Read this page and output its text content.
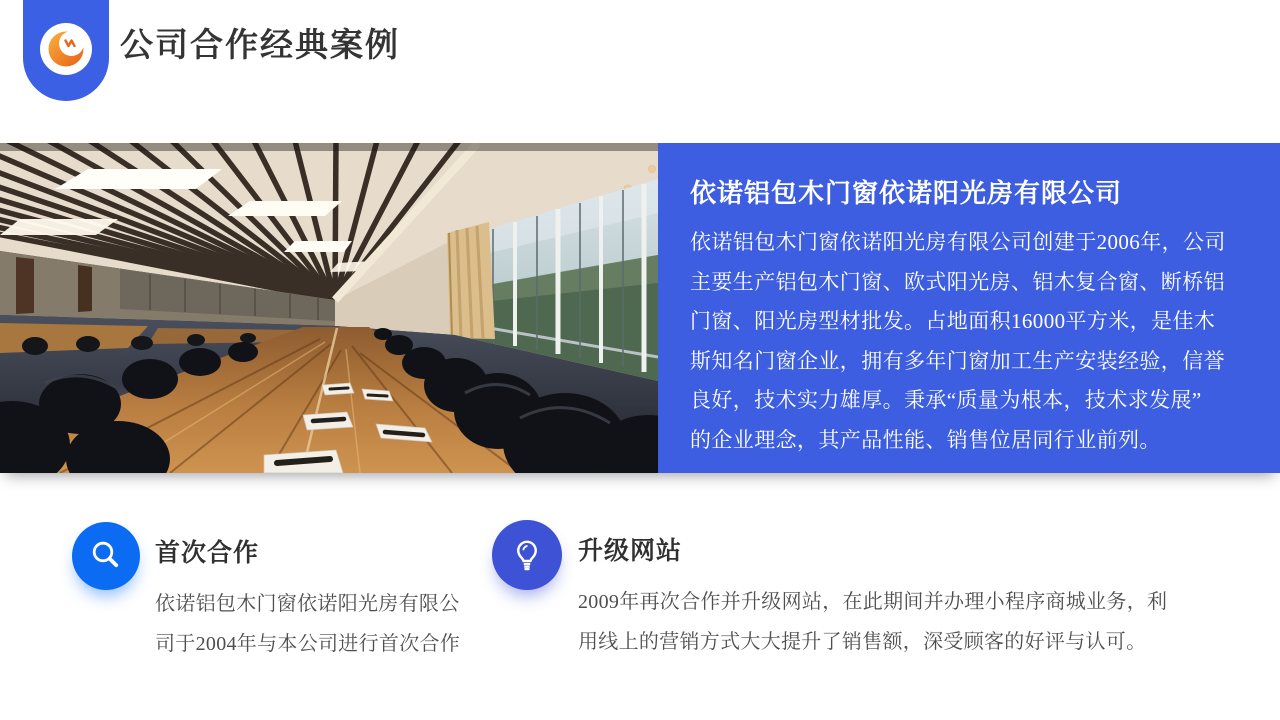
公司合作经典案例
依诺铝包木门窗依诺阳光房有限公司

依诺铝包木门窗依诺阳光房有限公司创建于2006年，公司

主要生产铝包木门窗、欧式阳光房、铝木复合窗、断桥铝

门窗、阳光房型材批发。占地面积16000平方米，是佳木

斯知名门窗企业，拥有多年门窗加工生产安装经验，信誉

良好，技术实力雄厚。秉承“质量为根本，技术求发展”

的企业理念，其产品性能、销售位居同行业前列。

首次合作

依诺铝包木门窗依诺阳光房有限公

司于2004年与本公司进行首次合作

升级网站

2009年再次合作并升级网站，在此期间并办理小程序商城业务，利

用线上的营销方式大大提升了销售额，深受顾客的好评与认可。
